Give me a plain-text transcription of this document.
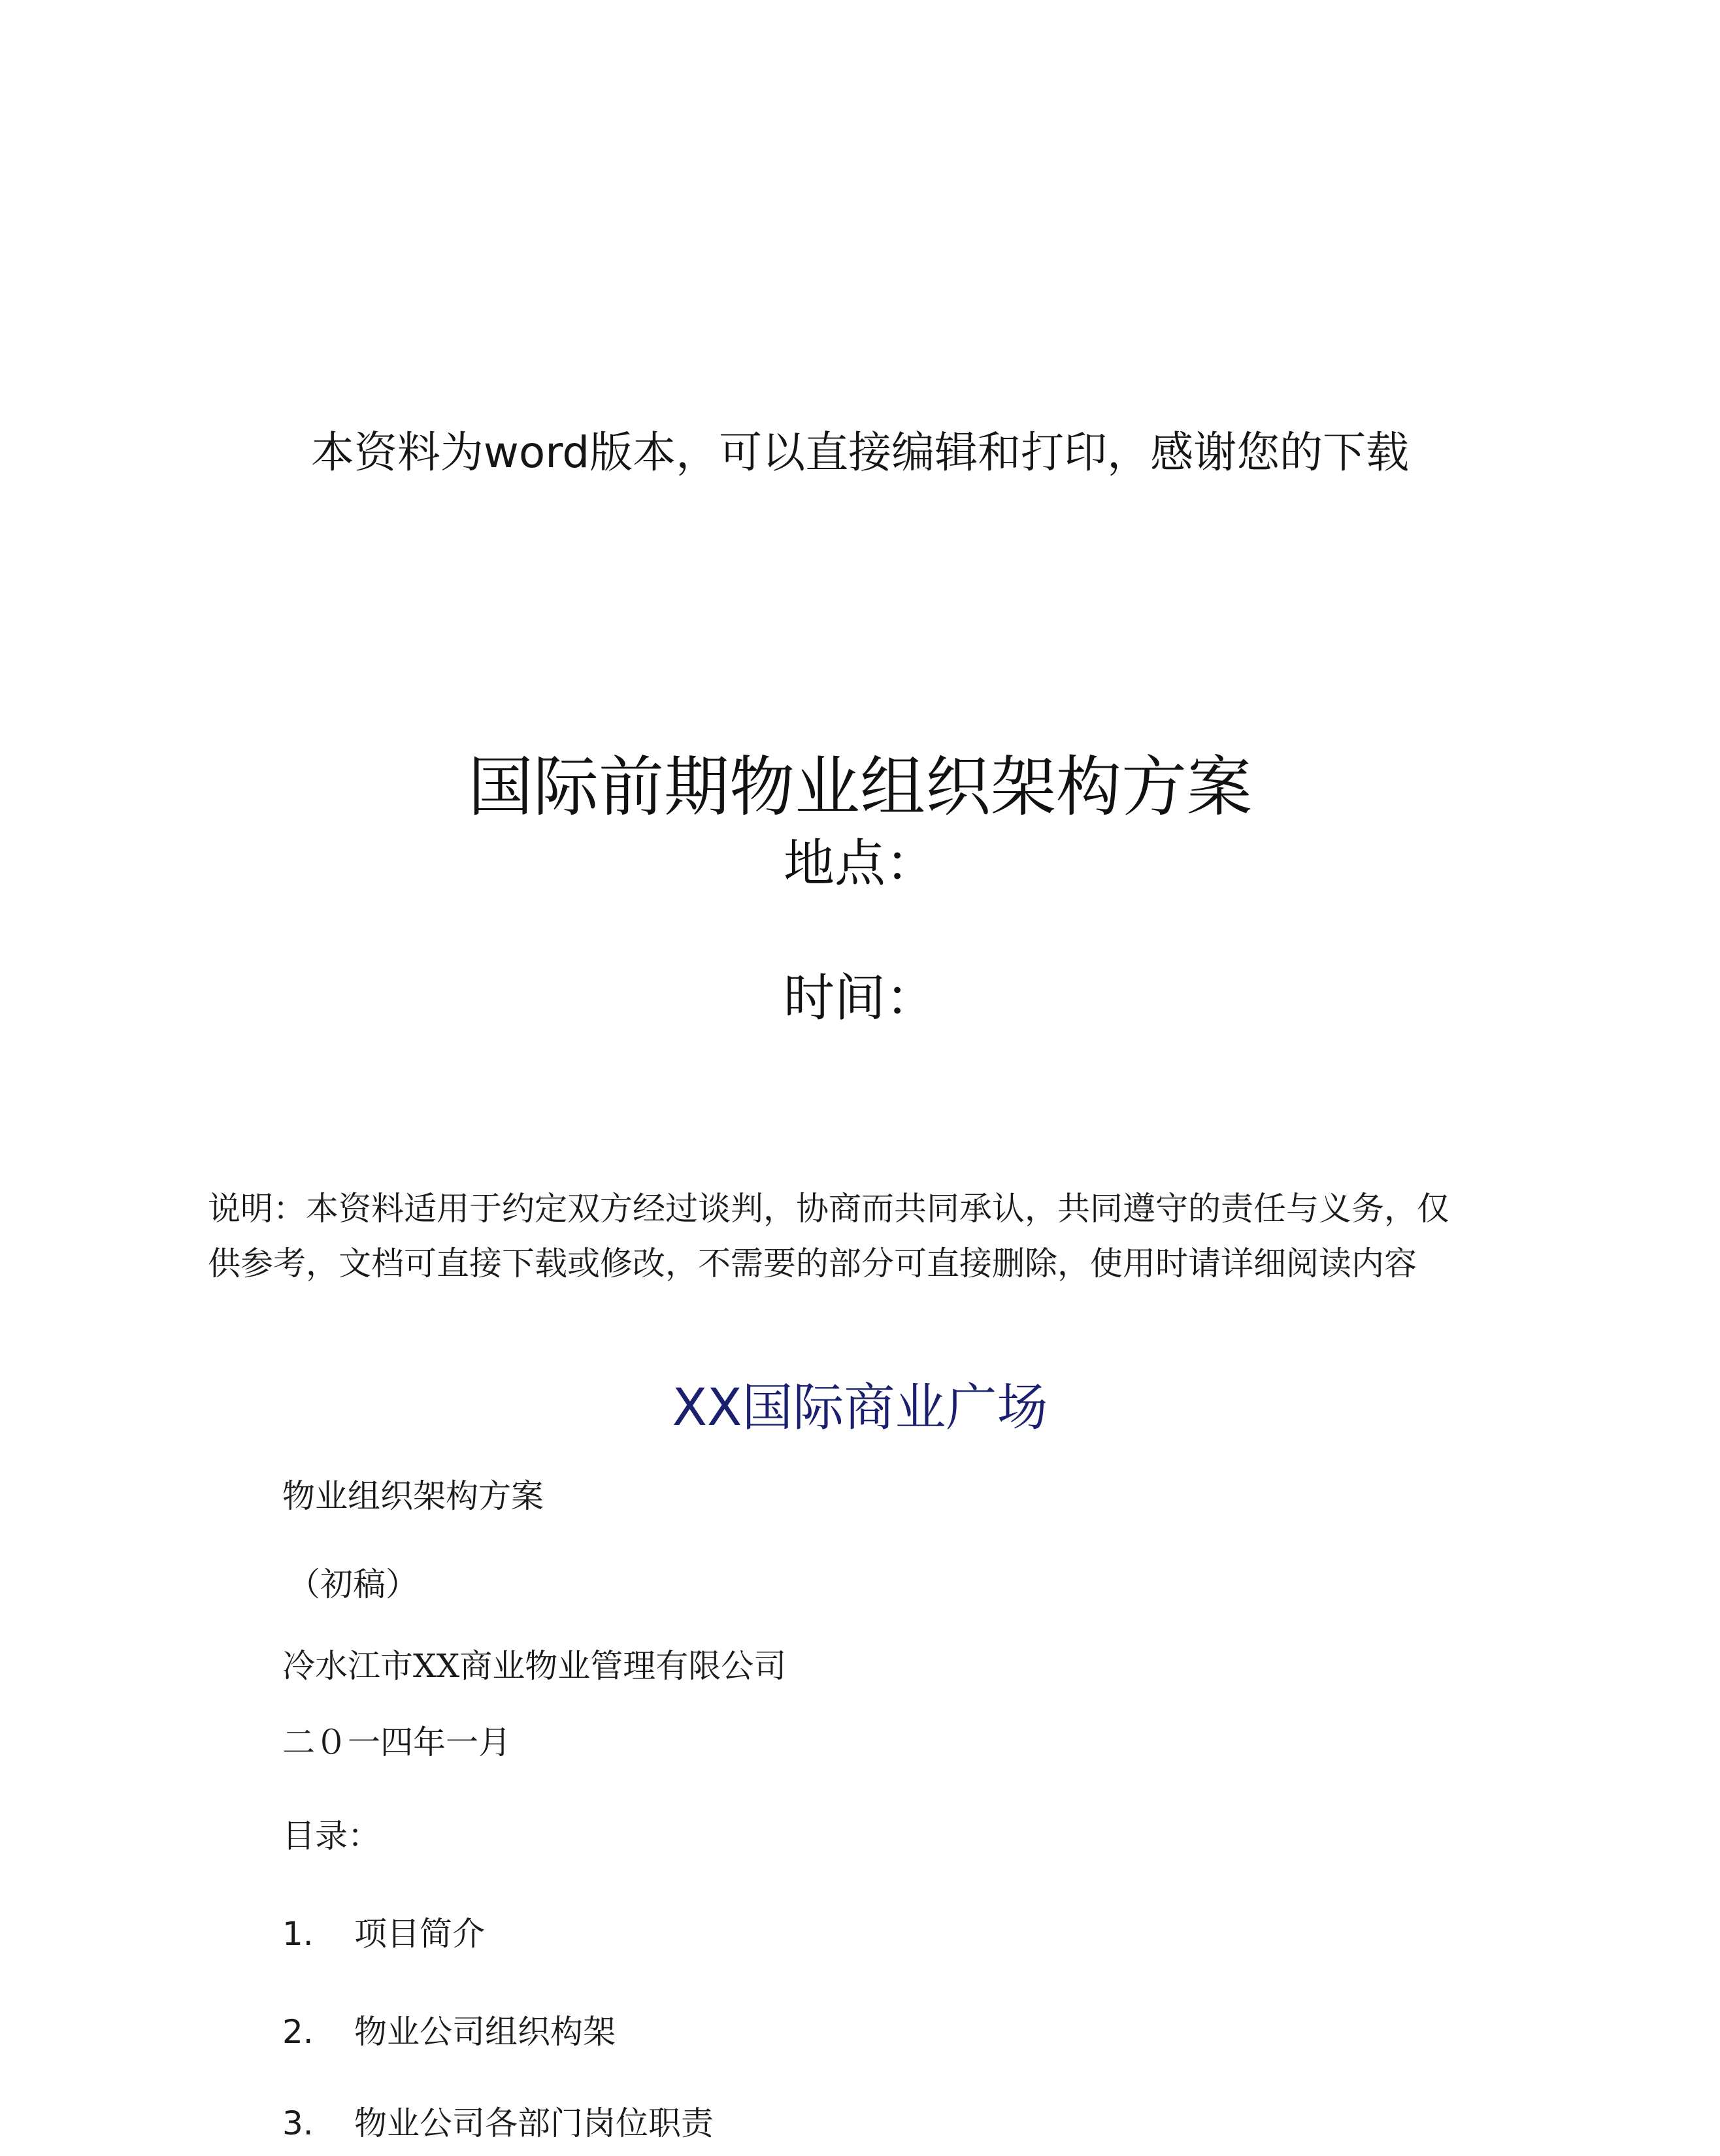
本资料为word版本，可以直接编辑和打印，感谢您的下载
国际前期物业组织架构方案
地点：
时间：

说明：本资料适用于约定双方经过谈判，协商而共同承认，共同遵守的责任与义务，仅

供参考，文档可直接下载或修改，不需要的部分可直接删除，使用时请详细阅读内容

XX国际商业广场
物业组织架构方案
（初稿）
冷水江市XX商业物业管理有限公司
二０一四年一月
目录：
1. 项目简介
2. 物业公司组织构架
3. 物业公司各部门岗位职责
